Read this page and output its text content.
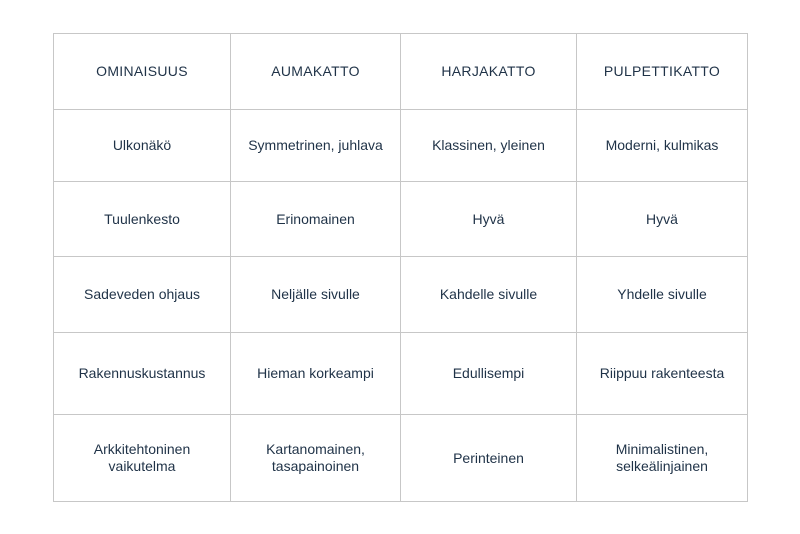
OMINAISUUS	AUMAKATTO	HARJAKATTO	PULPETTIKATTO
Ulkonäkö	Symmetrinen, juhlava	Klassinen, yleinen	Moderni, kulmikas
Tuulenkesto	Erinomainen	Hyvä	Hyvä
Sadeveden ohjaus	Neljälle sivulle	Kahdelle sivulle	Yhdelle sivulle
Rakennuskustannus	Hieman korkeampi	Edullisempi	Riippuu rakenteesta
Arkkitehtoninen vaikutelma	Kartanomainen, tasapainoinen	Perinteinen	Minimalistinen, selkeälinjainen
